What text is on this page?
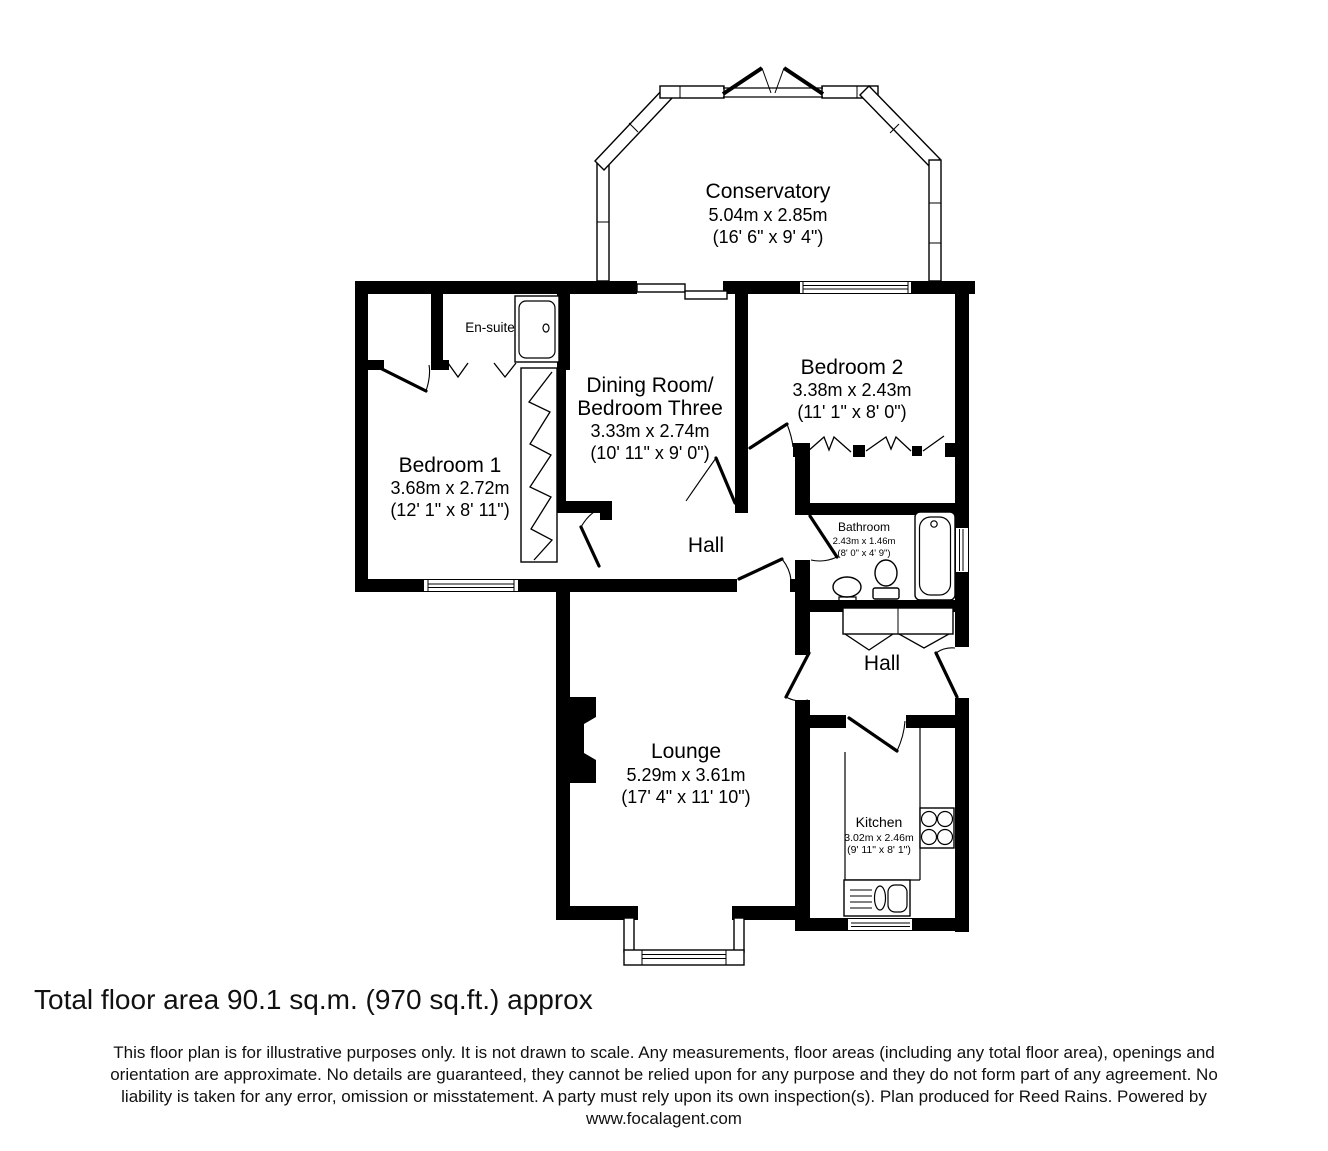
Conservatory
5.04m x 2.85m
(16' 6" x 9' 4")
En-suite
Dining Room/
Bedroom Three
3.33m x 2.74m
(10' 11" x 9' 0")
Bedroom 2
3.38m x 2.43m
(11' 1" x 8' 0")
Bedroom 1
3.68m x 2.72m
(12' 1" x 8' 11")
Hall
Bathroom
2.43m x 1.46m
(8' 0" x 4' 9")
Hall
Lounge
5.29m x 3.61m
(17' 4" x 11' 10")
Kitchen
3.02m x 2.46m
(9' 11" x 8' 1")
Total floor area 90.1 sq.m. (970 sq.ft.) approx
This floor plan is for illustrative purposes only. It is not drawn to scale. Any measurements, floor areas (including any total floor area), openings and
orientation are approximate. No details are guaranteed, they cannot be relied upon for any purpose and they do not form part of any agreement. No
liability is taken for any error, omission or misstatement. A party must rely upon its own inspection(s). Plan produced for Reed Rains. Powered by
www.focalagent.com
